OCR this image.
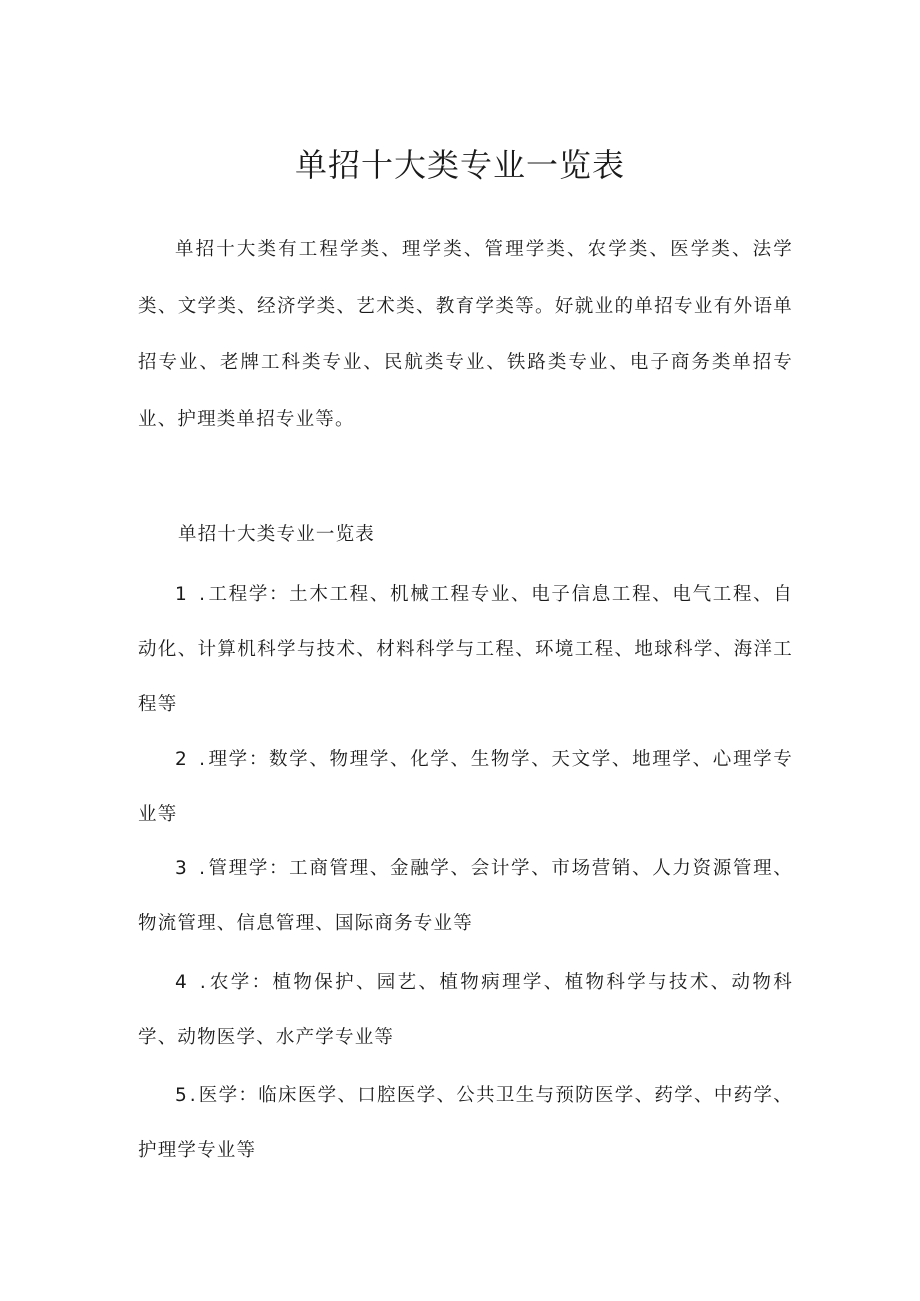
单招十大类专业一览表

单招十大类有工程学类、理学类、管理学类、农学类、医学类、法学类、文学类、经济学类、艺术类、教育学类等。好就业的单招专业有外语单招专业、老牌工科类专业、民航类专业、铁路类专业、电子商务类单招专业、护理类单招专业等。

单招十大类专业一览表

1 .工程学：土木工程、机械工程专业、电子信息工程、电气工程、自动化、计算机科学与技术、材料科学与工程、环境工程、地球科学、海洋工程等

2 .理学：数学、物理学、化学、生物学、天文学、地理学、心理学专业等

3 .管理学：工商管理、金融学、会计学、市场营销、人力资源管理、物流管理、信息管理、国际商务专业等

4 .农学：植物保护、园艺、植物病理学、植物科学与技术、动物科学、动物医学、水产学专业等

5.医学：临床医学、口腔医学、公共卫生与预防医学、药学、中药学、护理学专业等
